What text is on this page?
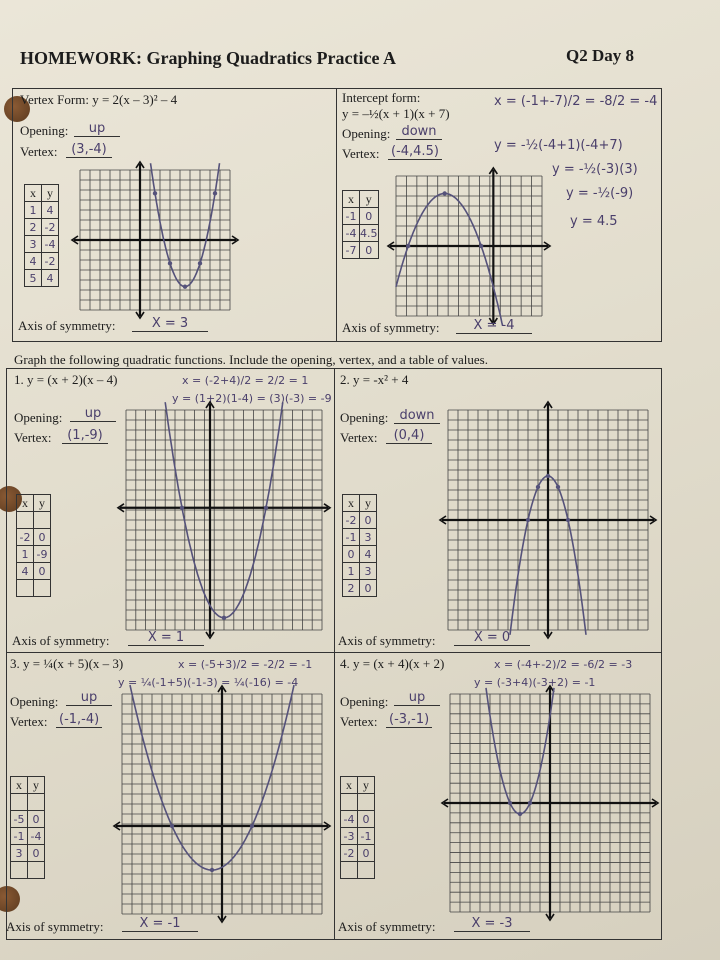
HOMEWORK: Graphing Quadratics Practice A	Q2 Day 8
Vertex Form: y = 2(x – 3)² – 4
Opening:	up
Vertex:	(3,-4)
x	y
1	4
2	-2
3	-4
4	-2
5	4
Axis of symmetry:	X = 3
Intercept form:
y = –½(x + 1)(x + 7)
Opening: down
Vertex: (-4,4.5)
x = (-1+-7)/2 = -8/2 = -4
y = -½(-4+1)(-4+7)
y = -½(-3)(3)
y = -½(-9)
y = 4.5
x	y
-1	0
-4	4.5
-7	0
Axis of symmetry:	X = -4
Graph the following quadratic functions. Include the opening, vertex, and a table of values.
1. y = (x + 2)(x – 4)	x = (-2+4)/2 = 2/2 = 1
y = (1+2)(1-4) = (3)(-3) = -9
Opening:	up
Vertex:	(1,-9)
x	y

-2	0
1	-9
4	0

Axis of symmetry:	X = 1
2. y = -x² + 4
Opening: down
Vertex:	(0,4)
x	y
-2	0
-1	3
0	4
1	3
2	0
Axis of symmetry:	X = 0
3. y = ¼(x + 5)(x – 3)	x = (-5+3)/2 = -2/2 = -1
y = ¼(-1+5)(-1-3) = ¼(-16) = -4
Opening:	up
Vertex: (-1,-4)
x	y

-5	0
-1	-4
3	0

Axis of symmetry:	X = -1
4. y = (x + 4)(x + 2)	x = (-4+-2)/2 = -6/2 = -3
y = (-3+4)(-3+2) = -1
Opening:	up
Vertex: (-3,-1)
x	y

-4	0
-3	-1
-2	0

Axis of symmetry:	X = -3
